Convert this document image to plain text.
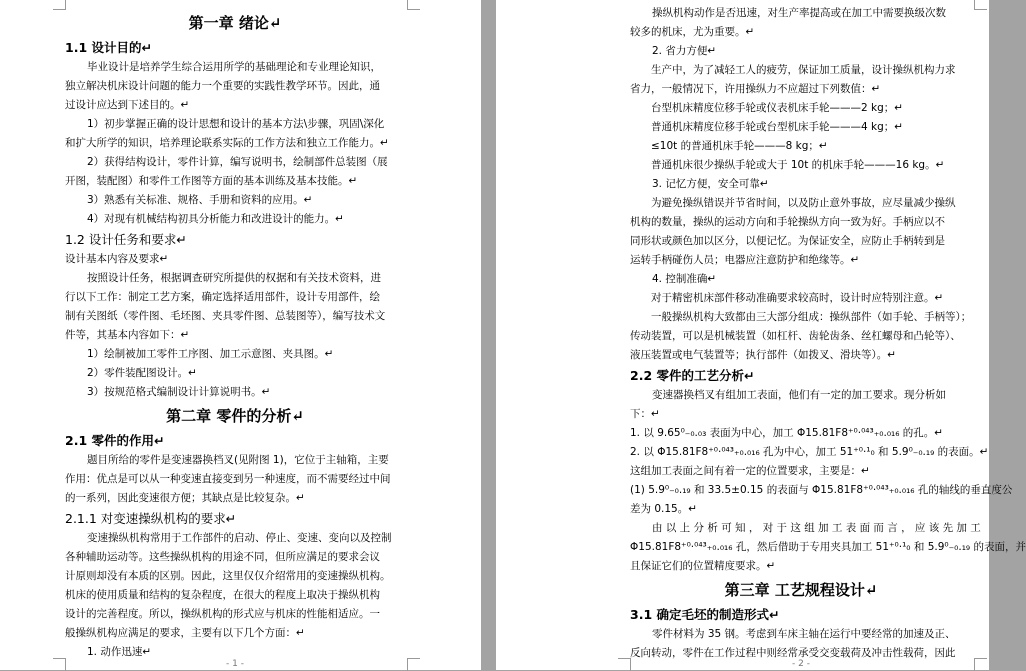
第一章 绪论↵
1.1 设计目的↵
毕业设计是培养学生综合运用所学的基础理论和专业理论知识，
独立解决机床设计问题的能力一个重要的实践性教学环节。因此，通
过设计应达到下述目的。↵
1）初步掌握正确的设计思想和设计的基本方法\步骤，巩固\深化
和扩大所学的知识，培养理论联系实际的工作方法和独立工作能力。↵
2）获得结构设计，零件计算，编写说明书，绘制部件总装图（展
开图，装配图）和零件工作图等方面的基本训练及基本技能。↵
3）熟悉有关标准、规格、手册和资料的应用。↵
4）对现有机械结构初具分析能力和改进设计的能力。↵
1.2 设计任务和要求↵
设计基本内容及要求↵
按照设计任务，根据调查研究所提供的权据和有关技术资料，进
行以下工作：制定工艺方案，确定选择适用部件，设计专用部件，绘
制有关图纸（零件图、毛坯图、夹具零件图、总装图等），编写技术文
件等，其基本内容如下：↵
1）绘制被加工零件工序图、加工示意图、夹具图。↵
2）零件装配图设计。↵
3）按规范格式编制设计计算说明书。↵
第二章 零件的分析↵
2.1 零件的作用↵
题目所给的零件是变速器换档叉(见附图 1)，它位于主轴箱，主要
作用：优点是可以从一种变速直接变到另一种速度，而不需要经过中间
的一系列，因此变速很方便；其缺点是比较复杂。↵
2.1.1 对变速操纵机构的要求↵
变速操纵机构常用于工作部件的启动、停止、变速、变向以及控制
各种辅助运动等。这些操纵机构的用途不同，但所应满足的要求会议
计原则却没有本质的区别。因此，这里仅仅介绍常用的变速操纵机构。
机床的使用质量和结构的复杂程度，在很大的程度上取决于操纵机构
设计的完善程度。所以，操纵机构的形式应与机床的性能相适应。一
般操纵机构应满足的要求，主要有以下几个方面：↵
1. 动作迅速↵
- 1 -
操纵机构动作是否迅速，对生产率提高或在加工中需要换级次数
较多的机床，尤为重要。↵
2. 省力方便↵
生产中，为了减轻工人的疲劳，保证加工质量，设计操纵机构力求
省力，一般情况下，许用操纵力不应超过下列数值：↵
台型机床精度位移手轮或仪表机床手轮———2 kg；↵
普通机床精度位移手轮或台型机床手轮———4 kg；↵
≤10t 的普通机床手轮———8 kg；↵
普通机床很少操纵手轮或大于 10t 的机床手轮———16 kg。↵
3. 记忆方便，安全可靠↵
为避免操纵错误并节省时间，以及防止意外事故，应尽量减少操纵
机构的数量，操纵的运动方向和手轮操纵方向一致为好。手柄应以不
同形状或颜色加以区分，以便记忆。为保证安全，应防止手柄转到是
运转手柄碰伤人员；电器应注意防护和绝缘等。↵
4. 控制准确↵
对于精密机床部件移动准确要求较高时，设计时应特别注意。↵
一般操纵机构大致都由三大部分组成：操纵部件（如手轮、手柄等）；
传动装置，可以是机械装置（如杠杆、齿轮齿条、丝杠螺母和凸轮等）、
液压装置或电气装置等；执行部件（如拨叉、滑块等）。↵
2.2 零件的工艺分析↵
变速器换档叉有组加工表面，他们有一定的加工要求。现分析如
下：↵
1. 以 9.65⁰₋₀.₀₃ 表面为中心，加工 Φ15.81F8⁺⁰·⁰⁴³₊₀.₀₁₆ 的孔。↵
2. 以 Φ15.81F8⁺⁰·⁰⁴³₊₀.₀₁₆ 孔为中心，加工 51⁺⁰·¹₀ 和 5.9⁰₋₀.₁₉ 的表面。↵
这组加工表面之间有着一定的位置要求，主要是：↵
(1) 5.9⁰₋₀.₁₉ 和 33.5±0.15 的表面与 Φ15.81F8⁺⁰·⁰⁴³₊₀.₀₁₆ 孔的轴线的垂直度公
差为 0.15。↵
由 以 上 分 析 可 知 ， 对 于 这 组 加 工 表 面 而 言 ， 应 该 先 加 工
Φ15.81F8⁺⁰·⁰⁴³₊₀.₀₁₆ 孔，然后借助于专用夹具加工 51⁺⁰·¹₀ 和 5.9⁰₋₀.₁₉ 的表面，并
且保证它们的位置精度要求。↵
第三章 工艺规程设计↵
3.1 确定毛坯的制造形式↵
零件材料为 35 钢。考虑到车床主轴在运行中要经常的加速及正、
反向转动，零件在工作过程中则经常承受交变载荷及冲击性载荷，因此
- 2 -
